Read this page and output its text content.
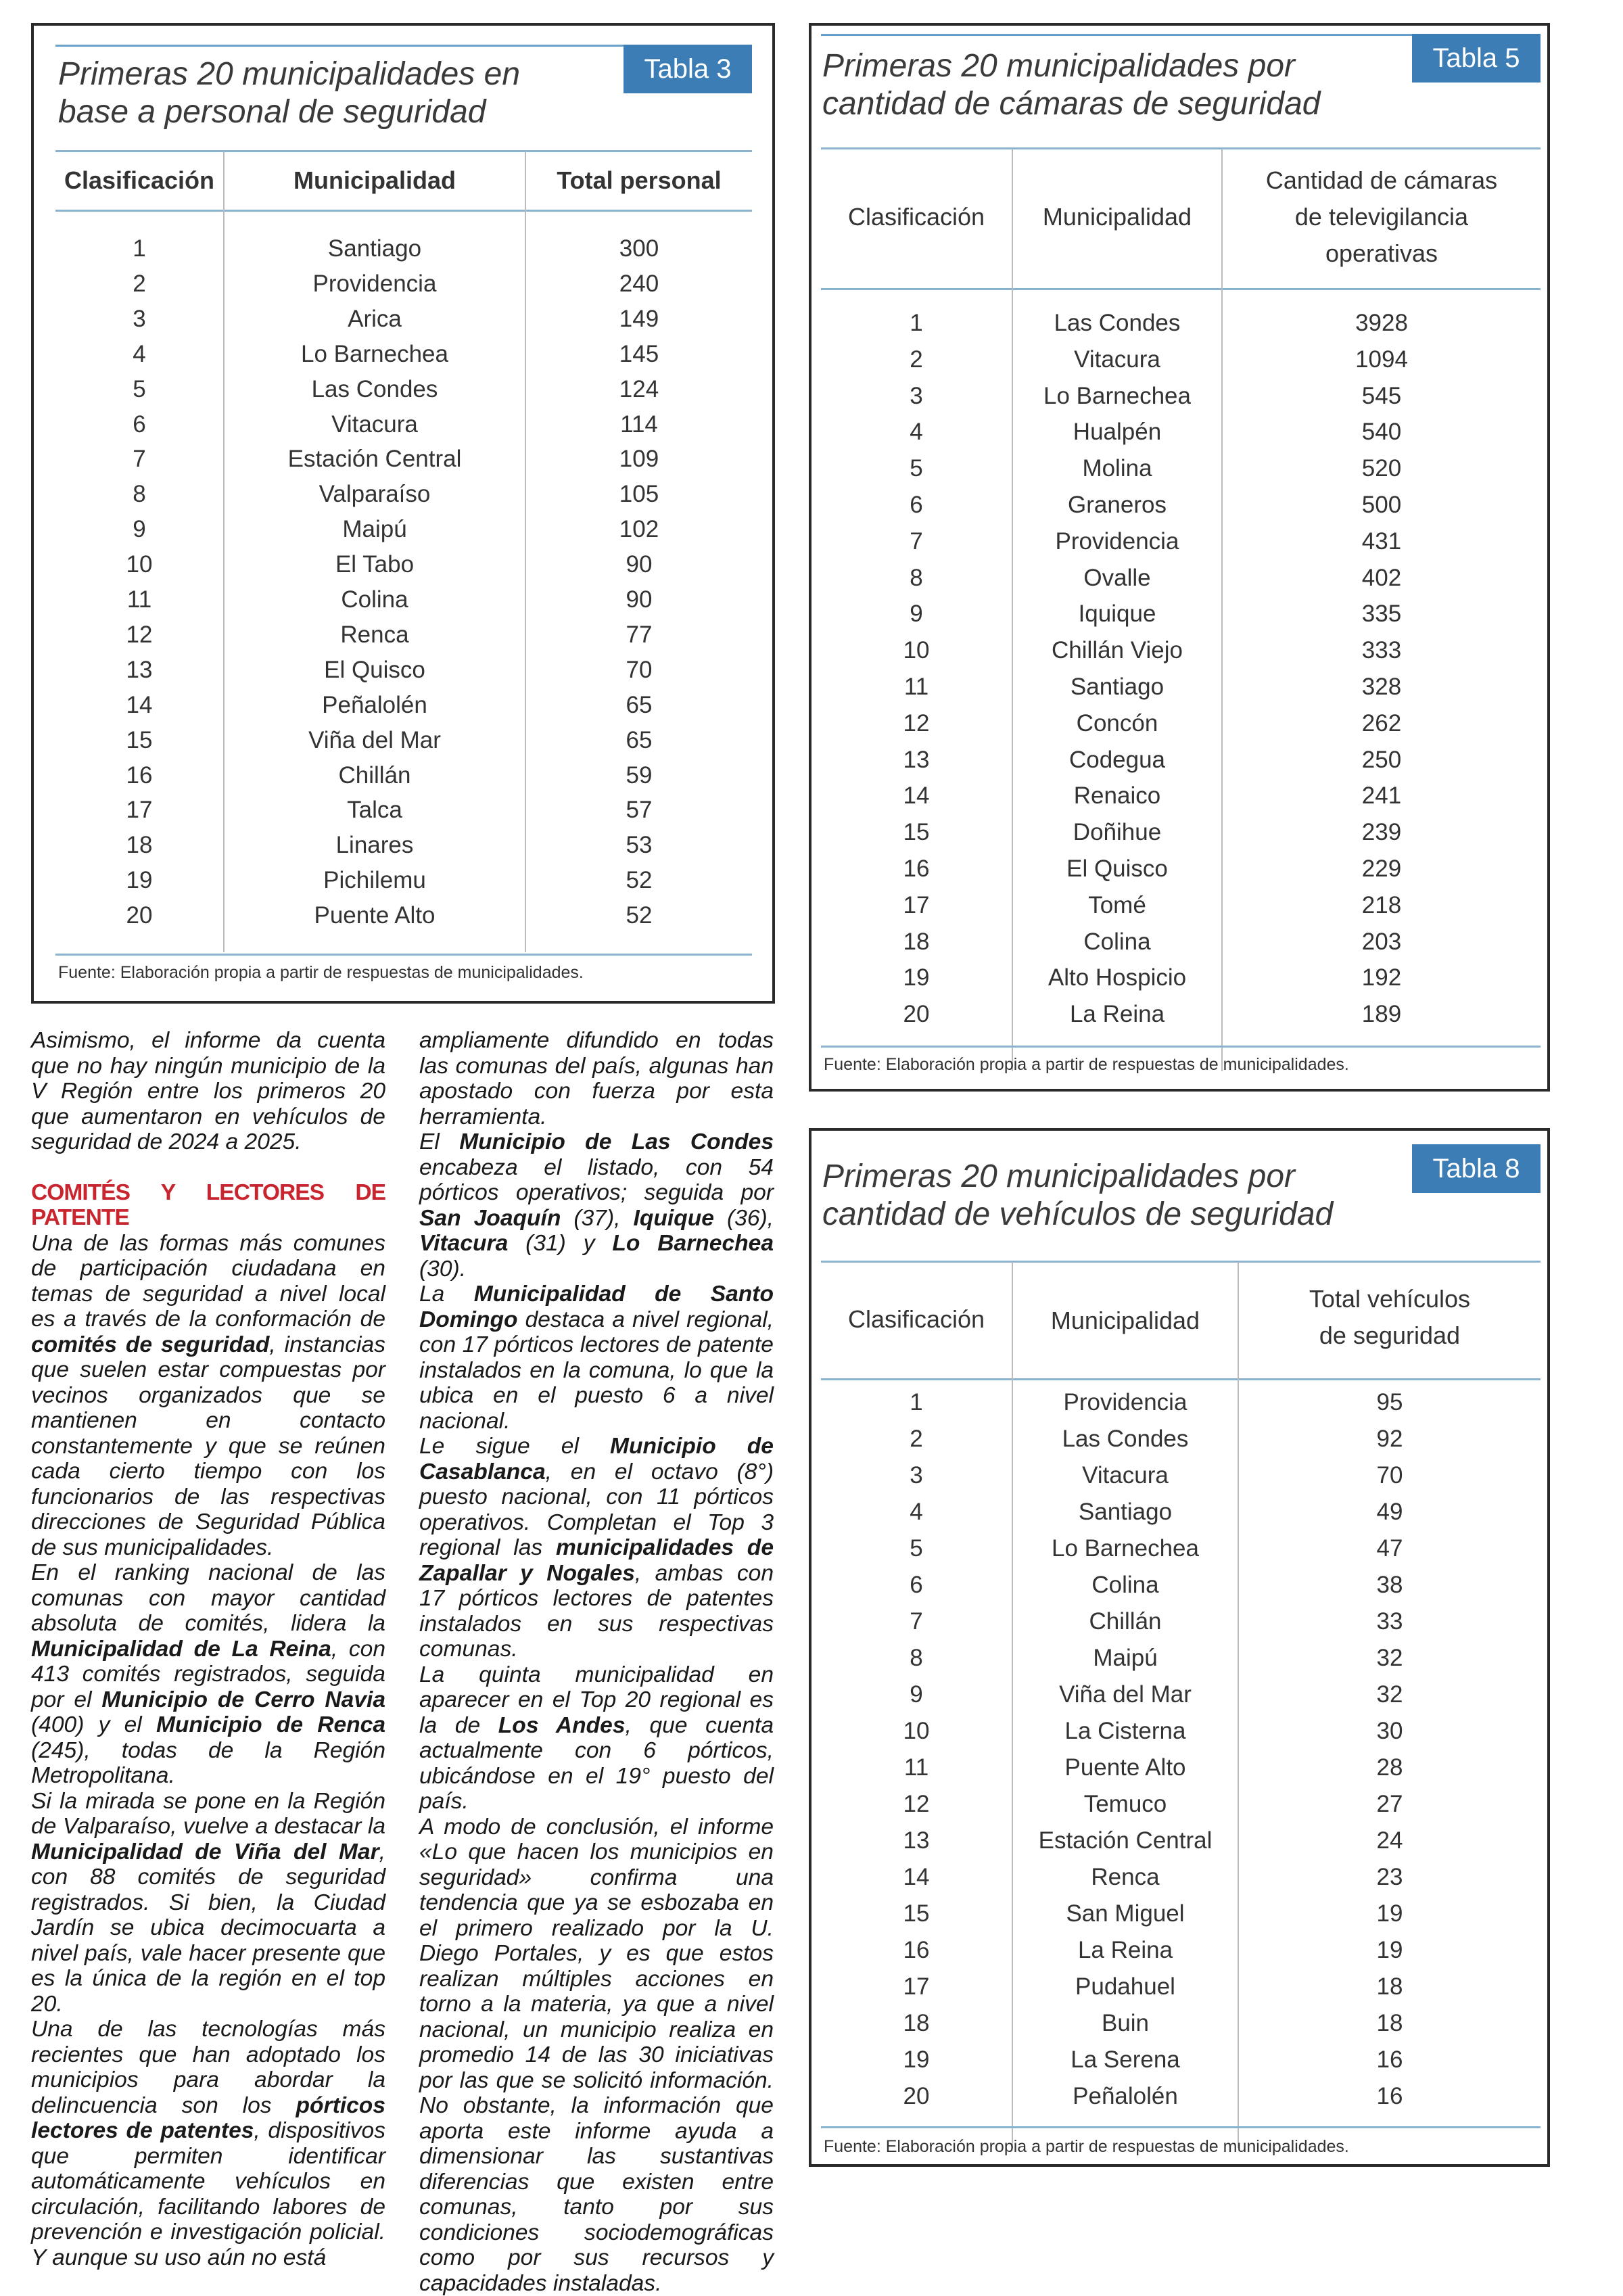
Primeras 20 municipalidades en
base a personal de seguridad
Tabla 3
Clasificación	Municipalidad	Total personal
1	Santiago	300
2	Providencia	240
3	Arica	149
4	Lo Barnechea	145
5	Las Condes	124
6	Vitacura	114
7	Estación Central	109
8	Valparaíso	105
9	Maipú	102
10	El Tabo	90
11	Colina	90
12	Renca	77
13	El Quisco	70
14	Peñalolén	65
15	Viña del Mar	65
16	Chillán	59
17	Talca	57
18	Linares	53
19	Pichilemu	52
20	Puente Alto	52
Fuente: Elaboración propia a partir de respuestas de municipalidades.
Primeras 20 municipalidades por
cantidad de cámaras de seguridad
Tabla 5
Clasificación	Municipalidad
Cantidad de cámaras
de televigilancia
operativas
1	Las Condes	3928
2	Vitacura	1094
3	Lo Barnechea	545
4	Hualpén	540
5	Molina	520
6	Graneros	500
7	Providencia	431
8	Ovalle	402
9	Iquique	335
10	Chillán Viejo	333
11	Santiago	328
12	Concón	262
13	Codegua	250
14	Renaico	241
15	Doñihue	239
16	El Quisco	229
17	Tomé	218
18	Colina	203
19	Alto Hospicio	192
20	La Reina	189
Fuente: Elaboración propia a partir de respuestas de municipalidades.
Primeras 20 municipalidades por
cantidad de vehículos de seguridad
Tabla 8
Clasificación	Municipalidad
Total vehículos
de seguridad
1	Providencia	95
2	Las Condes	92
3	Vitacura	70
4	Santiago	49
5	Lo Barnechea	47
6	Colina	38
7	Chillán	33
8	Maipú	32
9	Viña del Mar	32
10	La Cisterna	30
11	Puente Alto	28
12	Temuco	27
13	Estación Central	24
14	Renca	23
15	San Miguel	19
16	La Reina	19
17	Pudahuel	18
18	Buin	18
19	La Serena	16
20	Peñalolén	16
Fuente: Elaboración propia a partir de respuestas de municipalidades.

Asimismo, el informe da cuenta que no hay ningún municipio de la V Región entre los primeros 20 que aumentaron en vehículos de seguridad de 2024 a 2025.

COMITÉS Y LECTORES DE PATENTE

Una de las formas más comunes de participación ciudadana en temas de seguridad a nivel local es a través de la conformación de comités de seguridad, instancias que suelen estar compuestas por vecinos organizados que se mantienen en contacto constantemente y que se reúnen cada cierto tiempo con los funcionarios de las respectivas direcciones de Seguridad Pública de sus municipalidades.

En el ranking nacional de las comunas con mayor cantidad absoluta de comités, lidera la Municipalidad de La Reina, con 413 comités registrados, seguida por el Municipio de Cerro Navia (400) y el Municipio de Renca (245), todas de la Región Metropolitana.

Si la mirada se pone en la Región de Valparaíso, vuelve a destacar la Municipalidad de Viña del Mar, con 88 comités de seguridad registrados. Si bien, la Ciudad Jardín se ubica decimocuarta a nivel país, vale hacer presente que es la única de la región en el top 20.

Una de las tecnologías más recientes que han adoptado los municipios para abordar la delincuencia son los pórticos lectores de patentes, dispositivos que permiten identificar automáticamente vehículos en circulación, facilitando labores de prevención e investigación policial. Y aunque su uso aún no está

ampliamente difundido en todas las comunas del país, algunas han apostado con fuerza por esta herramienta.

El Municipio de Las Condes encabeza el listado, con 54 pórticos operativos; seguida por San Joaquín (37), Iquique (36), Vitacura (31) y Lo Barnechea (30).

La Municipalidad de Santo Domingo destaca a nivel regional, con 17 pórticos lectores de patente instalados en la comuna, lo que la ubica en el puesto 6 a nivel nacional.

Le sigue el Municipio de Casablanca, en el octavo (8°) puesto nacional, con 11 pórticos operativos. Completan el Top 3 regional las municipalidades de Zapallar y Nogales, ambas con 17 pórticos lectores de patentes instalados en sus respectivas comunas.

La quinta municipalidad en aparecer en el Top 20 regional es la de Los Andes, que cuenta actualmente con 6 pórticos, ubicándose en el 19° puesto del país.

A modo de conclusión, el informe «Lo que hacen los municipios en seguridad» confirma una tendencia que ya se esbozaba en el primero realizado por la U. Diego Portales, y es que estos realizan múltiples acciones en torno a la materia, ya que a nivel nacional, un municipio realiza en promedio 14 de las 30 iniciativas por las que se solicitó información. No obstante, la información que aporta este informe ayuda a dimensionar las sustantivas diferencias que existen entre comunas, tanto por sus condiciones sociodemográficas como por sus recursos y capacidades instaladas.
